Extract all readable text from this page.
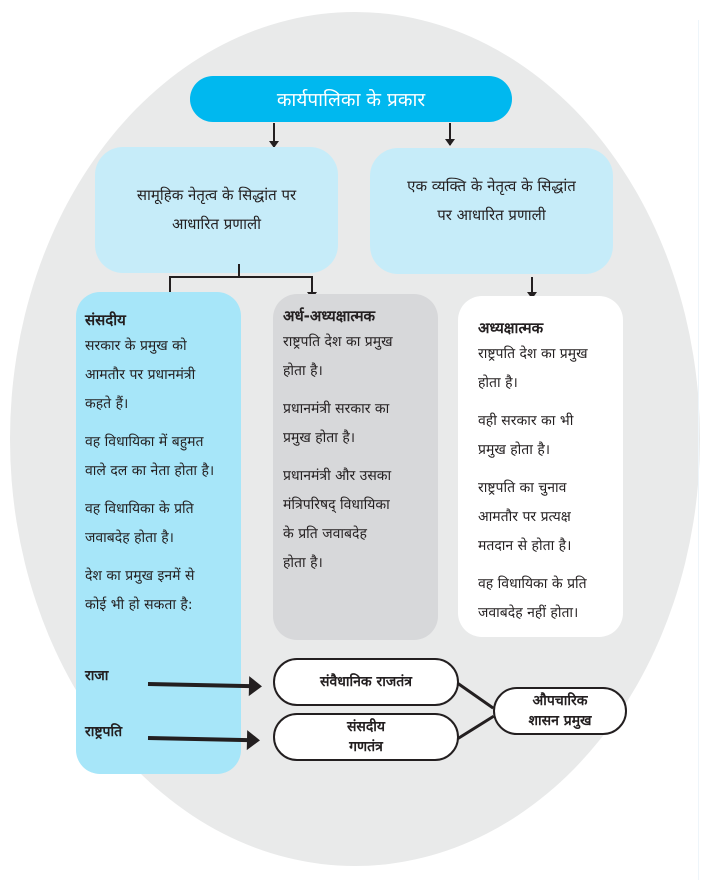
कार्यपालिका के प्रकार
सामूहिक नेतृत्व के सिद्धांत पर
आधारित प्रणाली
एक व्यक्ति के नेतृत्व के सिद्धांत
पर आधारित प्रणाली
संसदीय

सरकार के प्रमुख को
आमतौर पर प्रधानमंत्री
कहते हैं।

वह विधायिका में बहुमत
वाले दल का नेता होता है।

वह विधायिका के प्रति
जवाबदेह होता है।

देश का प्रमुख इनमें से
कोई भी हो सकता है:

अर्ध-अध्यक्षात्मक

राष्ट्रपति देश का प्रमुख
होता है।

प्रधानमंत्री सरकार का
प्रमुख होता है।

प्रधानमंत्री और उसका
मंत्रिपरिषद् विधायिका
के प्रति जवाबदेह
होता है।

अध्यक्षात्मक

राष्ट्रपति देश का प्रमुख
होता है।

वही सरकार का भी
प्रमुख होता है।

राष्ट्रपति का चुनाव
आमतौर पर प्रत्यक्ष
मतदान से होता है।

वह विधायिका के प्रति
जवाबदेह नहीं होता।

राजा
राष्ट्रपति
संवैधानिक राजतंत्र
संसदीय
गणतंत्र
औपचारिक
शासन प्रमुख
